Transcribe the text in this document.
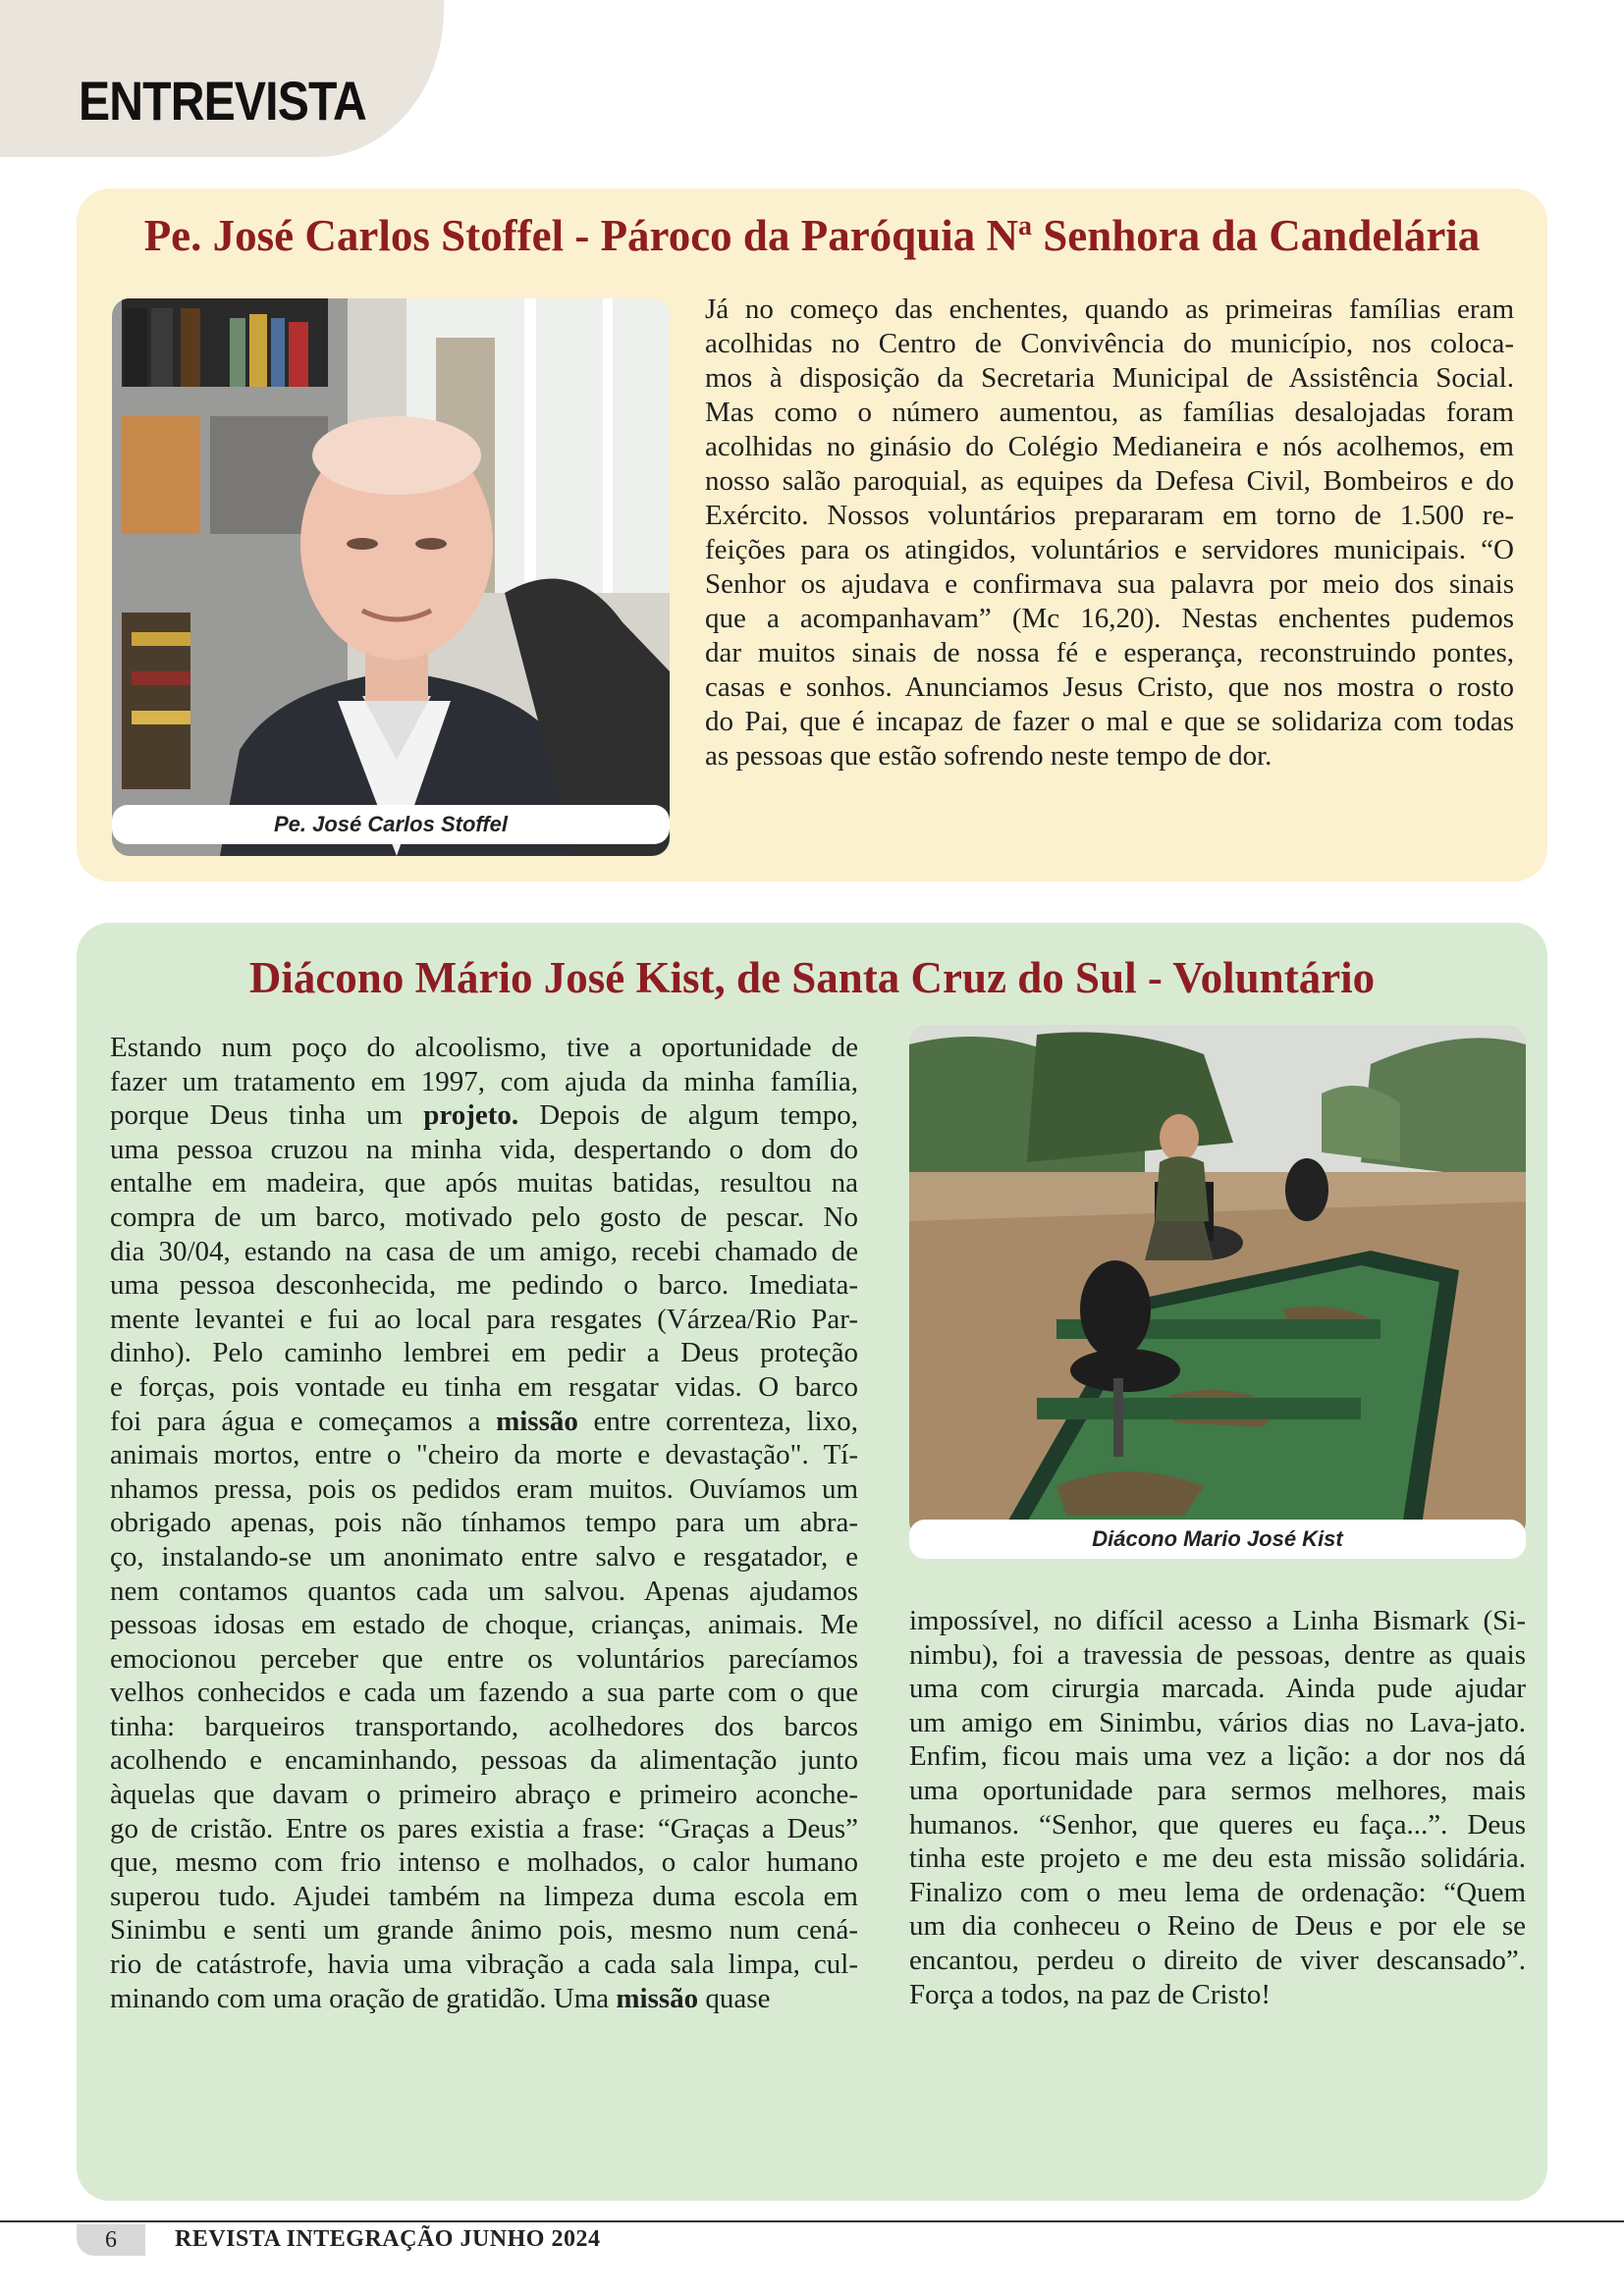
ENTREVISTA
Pe. José Carlos Stoffel - Pároco da Paróquia $N^a$ Senhora da Candelária
Pe. José Carlos Stoffel
Já no começo das enchentes, quando as primeiras famílias eram
acolhidas no Centro de Convivência do município, nos coloca-
mos à disposição da Secretaria Municipal de Assistência Social.
Mas como o número aumentou, as famílias desalojadas foram
acolhidas no ginásio do Colégio Medianeira e nós acolhemos, em
nosso salão paroquial, as equipes da Defesa Civil, Bombeiros e do
Exército. Nossos voluntários prepararam em torno de 1.500 re-
feições para os atingidos, voluntários e servidores municipais. “O
Senhor os ajudava e confirmava sua palavra por meio dos sinais
que a acompanhavam” (Mc 16,20). Nestas enchentes pudemos
dar muitos sinais de nossa fé e esperança, reconstruindo pontes,
casas e sonhos. Anunciamos Jesus Cristo, que nos mostra o rosto
do Pai, que é incapaz de fazer o mal e que se solidariza com todas
as pessoas que estão sofrendo neste tempo de dor.
Diácono Mário José Kist, de Santa Cruz do Sul - Voluntário
Estando num poço do alcoolismo, tive a oportunidade de
fazer um tratamento em 1997, com ajuda da minha família,
porque Deus tinha um projeto. Depois de algum tempo,
uma pessoa cruzou na minha vida, despertando o dom do
entalhe em madeira, que após muitas batidas, resultou na
compra de um barco, motivado pelo gosto de pescar. No
dia 30/04, estando na casa de um amigo, recebi chamado de
uma pessoa desconhecida, me pedindo o barco. Imediata-
mente levantei e fui ao local para resgates (Várzea/Rio Par-
dinho). Pelo caminho lembrei em pedir a Deus proteção
e forças, pois vontade eu tinha em resgatar vidas. O barco
foi para água e começamos a missão entre correnteza, lixo,
animais mortos, entre o "cheiro da morte e devastação". Tí-
nhamos pressa, pois os pedidos eram muitos. Ouvíamos um
obrigado apenas, pois não tínhamos tempo para um abra-
ço, instalando-se um anonimato entre salvo e resgatador, e
nem contamos quantos cada um salvou. Apenas ajudamos
pessoas idosas em estado de choque, crianças, animais. Me
emocionou perceber que entre os voluntários parecíamos
velhos conhecidos e cada um fazendo a sua parte com o que
tinha: barqueiros transportando, acolhedores dos barcos
acolhendo e encaminhando, pessoas da alimentação junto
àquelas que davam o primeiro abraço e primeiro aconche-
go de cristão. Entre os pares existia a frase: “Graças a Deus”
que, mesmo com frio intenso e molhados, o calor humano
superou tudo. Ajudei também na limpeza duma escola em
Sinimbu e senti um grande ânimo pois, mesmo num cená-
rio de catástrofe, havia uma vibração a cada sala limpa, cul-
minando com uma oração de gratidão. Uma missão quase
Diácono Mario José Kist
impossível, no difícil acesso a Linha Bismark (Si-
nimbu), foi a travessia de pessoas, dentre as quais
uma com cirurgia marcada. Ainda pude ajudar
um amigo em Sinimbu, vários dias no Lava-jato.
Enfim, ficou mais uma vez a lição: a dor nos dá
uma oportunidade para sermos melhores, mais
humanos. “Senhor, que queres eu faça...”. Deus
tinha este projeto e me deu esta missão solidária.
Finalizo com o meu lema de ordenação: “Quem
um dia conheceu o Reino de Deus e por ele se
encantou, perdeu o direito de viver descansado”.
Força a todos, na paz de Cristo!
6	REVISTA INTEGRAÇÃO JUNHO 2024
